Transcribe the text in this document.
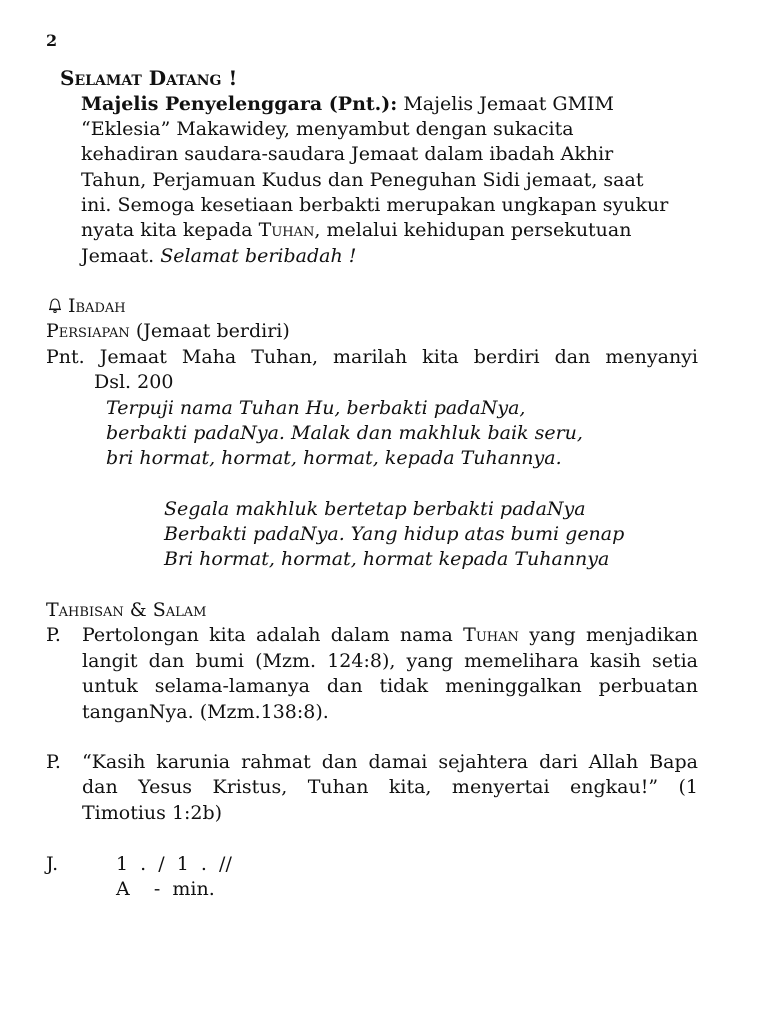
2
Selamat Datang !
Majelis Penyelenggara (Pnt.): Majelis Jemaat GMIM
“Eklesia” Makawidey, menyambut dengan sukacita
kehadiran saudara-saudara Jemaat dalam ibadah Akhir
Tahun, Perjamuan Kudus dan Peneguhan Sidi jemaat, saat
ini. Semoga kesetiaan berbakti merupakan ungkapan syukur
nyata kita kepada Tuhan, melalui kehidupan persekutuan
Jemaat. Selamat beribadah !
Ibadah
Persiapan (Jemaat berdiri)
Pnt. Jemaat Maha Tuhan, marilah kita berdiri dan menyanyi
Dsl. 200
Terpuji nama Tuhan Hu, berbakti padaNya,
berbakti padaNya. Malak dan makhluk baik seru,
bri hormat, hormat, hormat, kepada Tuhannya.
Segala makhluk bertetap berbakti padaNya
Berbakti padaNya. Yang hidup atas bumi genap
Bri hormat, hormat, hormat kepada Tuhannya
Tahbisan & Salam
P. Pertolongan kita adalah dalam nama Tuhan yang menjadikan
langit dan bumi (Mzm. 124:8), yang memelihara kasih setia
untuk selama-lamanya dan tidak meninggalkan perbuatan
tanganNya. (Mzm.138:8).
P. “Kasih karunia rahmat dan damai sejahtera dari Allah Bapa
dan Yesus Kristus, Tuhan kita, menyertai engkau!” (1
Timotius 1:2b)
J.	1  .  /  1  .  //
A    -  min.
